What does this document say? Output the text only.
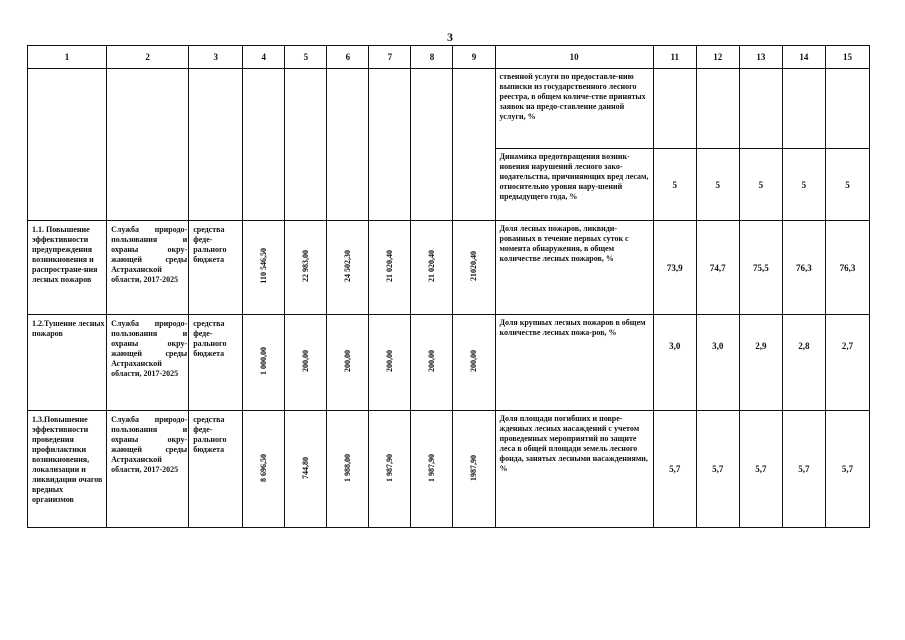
3
1	2	3	4	5	6	7	8	9	10	11	12	13	14	15
									ственной услуги по предоставле-нию выписки из государственного лесного реестра, в общем количе-стве принятых заявок на предо-ставление данной услуги, %					
									Динамика предотвращения возник-новения нарушений лесного зако-нодательства, причиняющих вред лесам, относительно уровня нару-шений предыдущего года, %	5	5	5	5	5
1.1. Повышение эффективности предупреждения возникновения и распростране-ния лесных пожаров	Служба природо-пользования и охраны окру-жающей среды Астраханской области, 2017-2025	средства феде-рального бюджета	110 546,50	22 983,00	24 502,30	21 020,40	21 020,40	21020,40	Доля лесных пожаров, ликвиди-рованных в течение первых суток с момента обнаружения, в общем количестве лесных пожаров, %	73,9	74,7	75,5	76,3	76,3
1.2.Тушение лесных пожаров	Служба природо-пользования и охраны окру-жающей среды Астраханской области, 2017-2025	средства феде-рального бюджета	1 000,00	200,00	200,00	200,00	200,00	200,00	Доля крупных лесных пожаров в общем количестве лесных пожа-ров, %	3,0	3,0	2,9	2,8	2,7
1.3.Повышение эффективности проведения профилактики возникновения, локализации и ликвидации очагов вредных организмов	Служба природо-пользования и охраны окру-жающей среды Астраханской области, 2017-2025	средства феде-рального бюджета	8 696,50	744,80	1 988,00	1 987,90	1 987,90	1987,90	Доля площади погибших и повре-жденных лесных насаждений с учетом проведенных мероприятий по защите леса в общей площади земель лесного фонда, занятых лесными насаждениями, %	5,7	5,7	5,7	5,7	5,7
